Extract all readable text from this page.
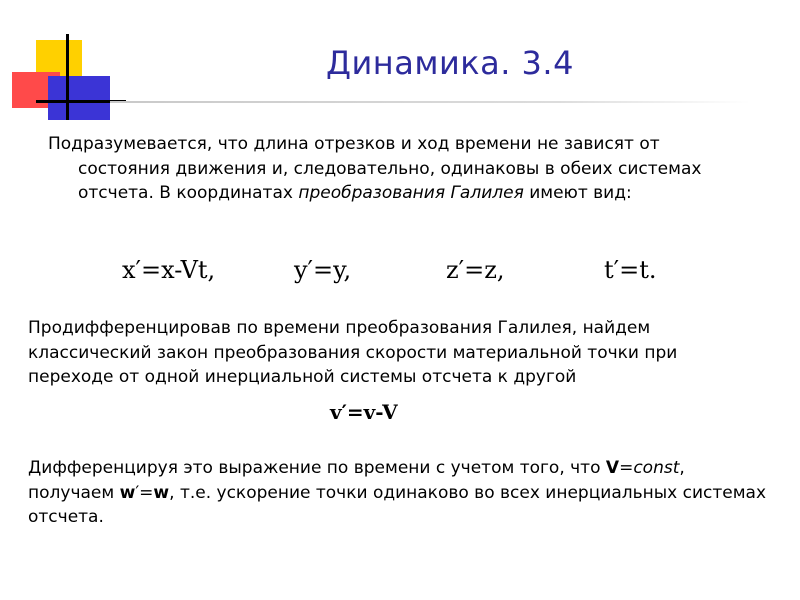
Динамика. 3.4

Подразумевается, что длина отрезков и ход времени не зависят от состояния движения и, следовательно, одинаковы в обеих системах отсчета. В координатах преобразования Галилея имеют вид:

x′=x-Vt,	y′=y,	z′=z,	t′=t.

Продифференцировав по времени преобразования Галилея, найдем классический закон преобразования скорости материальной точки при переходе от одной инерциальной системы отсчета к другой

v′=v-V

Дифференцируя это выражение по времени с учетом того, что V=const, получаем w′=w, т.е. ускорение точки одинаково во всех инерциальных системах отсчета.
